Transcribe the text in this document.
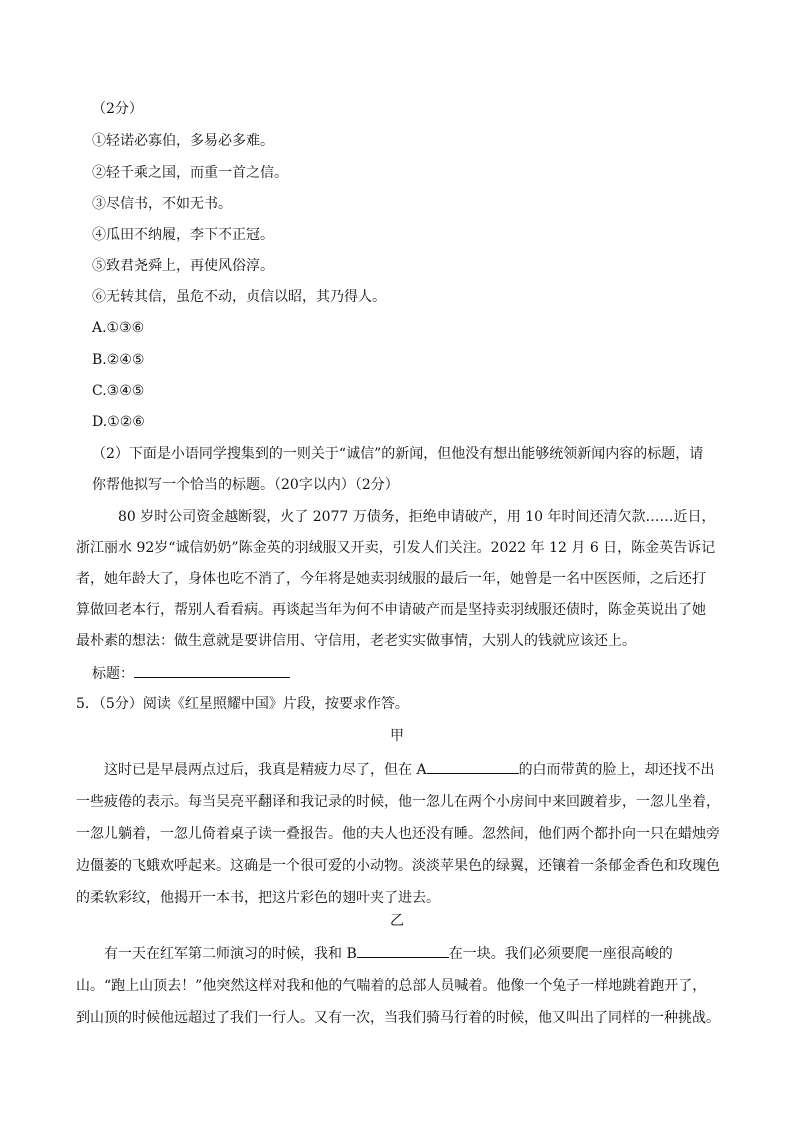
（2分）
①轻诺必寡伯，多易必多难。
②轻千乘之国，而重一首之信。
③尽信书，不如无书。
④瓜田不纳履，李下不正冠。
⑤致君尧舜上，再使风俗淳。
⑥无转其信，虽危不动，贞信以昭，其乃得人。
A.①③⑥
B.②④⑤
C.③④⑤
D.①②⑥
（2）下面是小语同学搜集到的一则关于“诚信”的新闻，但他没有想出能够统领新闻内容的标题，请
你帮他拟写一个恰当的标题。（20字以内）（2分）
80 岁时公司资金越断裂，火了 2077 万债务，拒绝申请破产，用 10 年时间还清欠款……近日，浙江丽水 92岁“诚信奶奶”陈金英的羽绒服又开卖，引发人们关注。2022 年 12 月 6 日，陈金英告诉记者，她年龄大了，身体也吃不消了，今年将是她卖羽绒服的最后一年，她曾是一名中医医师，之后还打算做回老本行，帮别人看看病。再谈起当年为何不申请破产而是坚持卖羽绒服还债时，陈金英说出了她最朴素的想法：做生意就是要讲信用、守信用，老老实实做事情，大别人的钱就应该还上。
标题：
5．（5分）阅读《红星照耀中国》片段，按要求作答。
甲
这时已是早晨两点过后，我真是精疲力尽了，但在 A	的白而带黄的脸上，却还找不出一些疲倦的表示。每当吴亮平翻译和我记录的时候，他一忽儿在两个小房间中来回踱着步，一忽儿坐着，一忽儿躺着，一忽儿倚着桌子读一叠报告。他的夫人也还没有睡。忽然间，他们两个都扑向一只在蜡烛旁边僵萎的飞蛾欢呼起来。这确是一个很可爱的小动物。淡淡苹果色的绿翼，还镶着一条郁金香色和玫瑰色的柔软彩纹，他揭开一本书，把这片彩色的翅叶夹了进去。
乙
有一天在红军第二师演习的时候，我和 B	在一块。我们必须要爬一座很高峻的山。“跑上山顶去！”他突然这样对我和他的气喘着的总部人员喊着。他像一个兔子一样地跳着跑开了，到山顶的时候他远超过了我们一行人。又有一次，当我们骑马行着的时候，他又叫出了同样的一种挑战。
